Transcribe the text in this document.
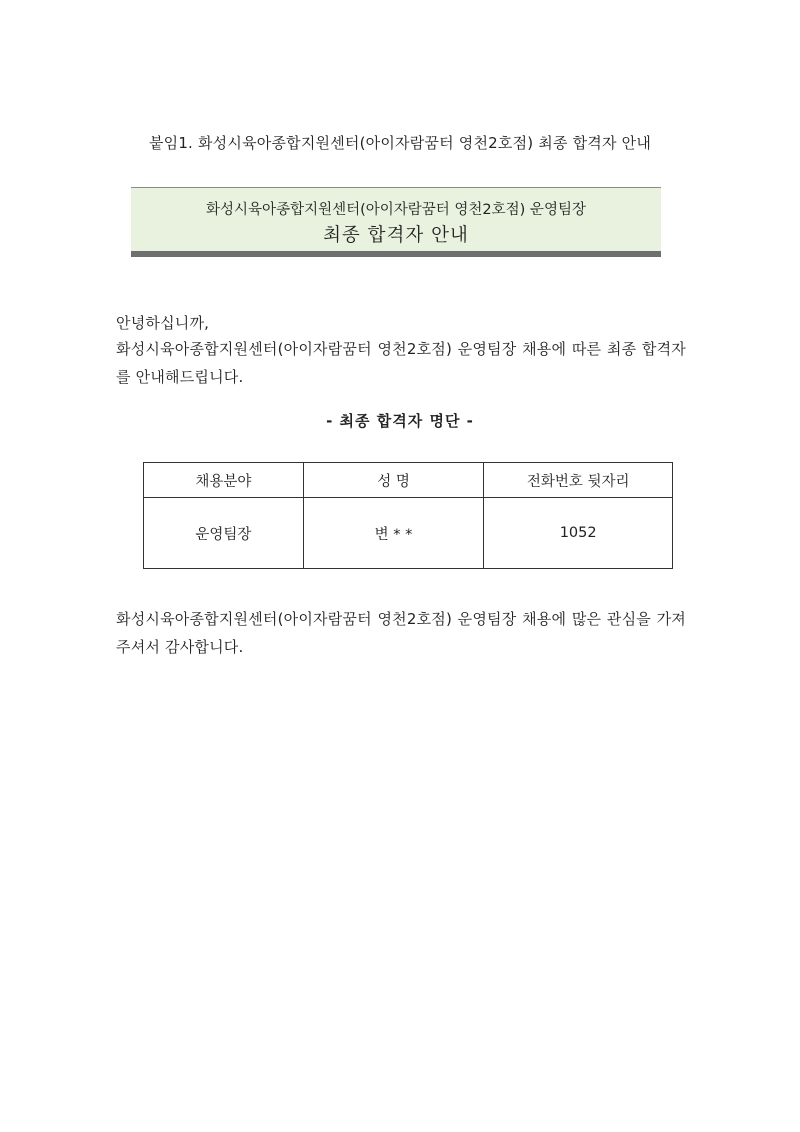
붙임1. 화성시육아종합지원센터(아이자람꿈터 영천2호점) 최종 합격자 안내
화성시육아종합지원센터(아이자람꿈터 영천2호점) 운영팀장
최종 합격자 안내
안녕하십니까,
화성시육아종합지원센터(아이자람꿈터 영천2호점) 운영팀장 채용에 따른 최종 합격자를 안내해드립니다.
- 최종 합격자 명단 -
채용분야	성 명	전화번호 뒷자리
운영팀장	변 * *	1052
화성시육아종합지원센터(아이자람꿈터 영천2호점) 운영팀장 채용에 많은 관심을 가져 주셔서 감사합니다.
